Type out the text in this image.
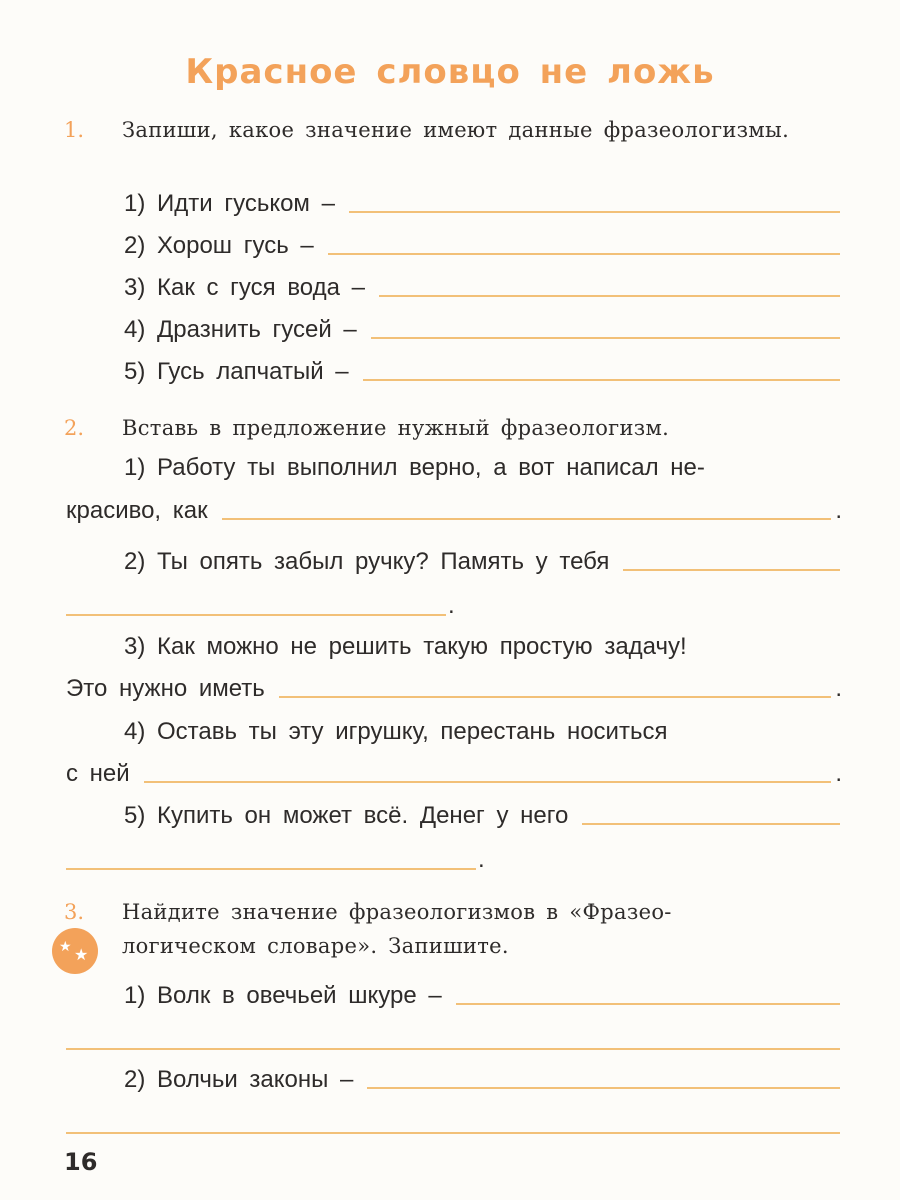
Красное словцо не ложь
1. Запиши, какое значение имеют данные фразеологизмы.
1) Идти гуськом –
2) Хорош гусь –
3) Как с гуся вода –
4) Дразнить гусей –
5) Гусь лапчатый –
2. Вставь в предложение нужный фразеологизм.
1) Работу ты выполнил верно, а вот написал не-
красиво, как	.
2) Ты опять забыл ручку? Память у тебя
.
3) Как можно не решить такую простую задачу!
Это нужно иметь	.
4) Оставь ты эту игрушку, перестань носиться
с ней	.
5) Купить он может всё. Денег у него
.
3.
★ ★
Найдите значение фразеологизмов в «Фразео-
логическом словаре». Запишите.
1) Волк в овечьей шкуре –
2) Волчьи законы –
16
